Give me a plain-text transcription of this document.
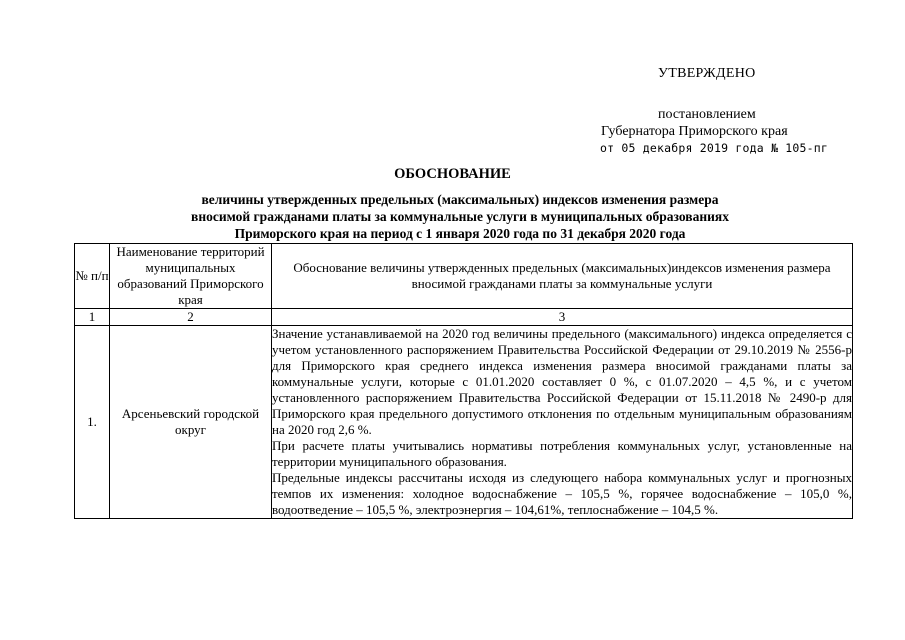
УТВЕРЖДЕНО
постановлением
Губернатора Приморского края
от 05 декабря 2019 года № 105-пг
ОБОСНОВАНИЕ
величины утвержденных предельных (максимальных) индексов изменения размера
вносимой гражданами платы за коммунальные услуги в муниципальных образованиях
Приморского края на период с 1 января 2020 года по 31 декабря 2020 года
№ п/п	Наименование территорий муниципальных образований Приморского края	Обоснование величины утвержденных предельных (максимальных)индексов изменения размера вносимой гражданами платы за коммунальные услуги
1	2	3
1.	Арсеньевский городской округ	Значение устанавливаемой на 2020 год величины предельного (максимального) индекса определяется с учетом установленного распоряжением Правительства Российской Федерации от 29.10.2019 № 2556-р для Приморского края среднего индекса изменения размера вносимой гражданами платы за коммунальные услуги, которые с 01.01.2020 составляет 0 %, с 01.07.2020 – 4,5 %, и с учетом установленного распоряжением Правительства Российской Федерации от 15.11.2018 № 2490-р для Приморского края предельного допустимого отклонения по отдельным муниципальным образованиям на 2020 год 2,6 %.

При расчете платы учитывались нормативы потребления коммунальных услуг, установленные на территории муниципального образования.

Предельные индексы рассчитаны исходя из следующего набора коммунальных услуг и прогнозных темпов их изменения: холодное водоснабжение – 105,5 %, горячее водоснабжение – 105,0 %, водоотведение – 105,5 %, электроэнергия – 104,61%, теплоснабжение – 104,5 %.
